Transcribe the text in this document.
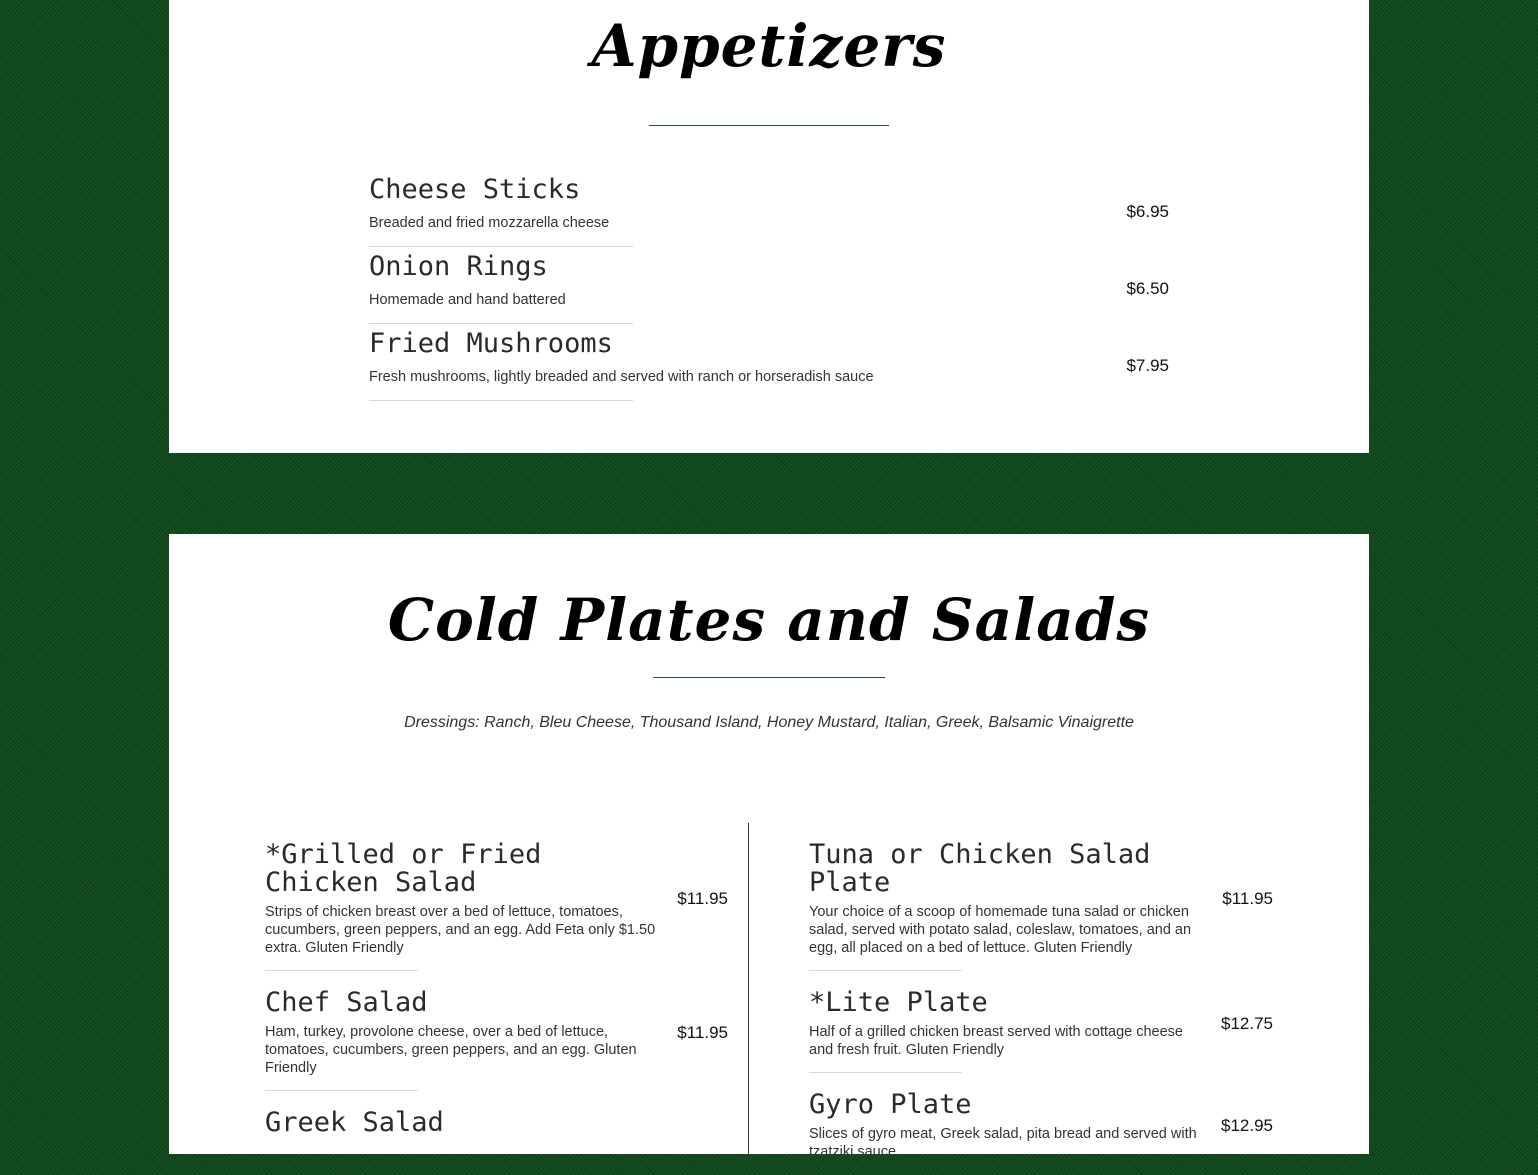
Appetizers
Cheese Sticks
Breaded and fried mozzarella cheese
$6.95
Onion Rings
Homemade and hand battered
$6.50
Fried Mushrooms
Fresh mushrooms, lightly breaded and served with ranch or horseradish sauce
$7.95
Cold Plates and Salads
Dressings: Ranch, Bleu Cheese, Thousand Island, Honey Mustard, Italian, Greek, Balsamic Vinaigrette
*Grilled or Fried Chicken Salad
Strips of chicken breast over a bed of lettuce, tomatoes, cucumbers, green peppers, and an egg. Add Feta only $1.50 extra. Gluten Friendly
$11.95
Chef Salad
Ham, turkey, provolone cheese, over a bed of lettuce, tomatoes, cucumbers, green peppers, and an egg. Gluten Friendly
$11.95
Greek Salad
Tuna or Chicken Salad Plate
Your choice of a scoop of homemade tuna salad or chicken salad, served with potato salad, coleslaw, tomatoes, and an egg, all placed on a bed of lettuce. Gluten Friendly
$11.95
*Lite Plate
Half of a grilled chicken breast served with cottage cheese and fresh fruit. Gluten Friendly
$12.75
Gyro Plate
Slices of gyro meat, Greek salad, pita bread and served with tzatziki sauce
$12.95
